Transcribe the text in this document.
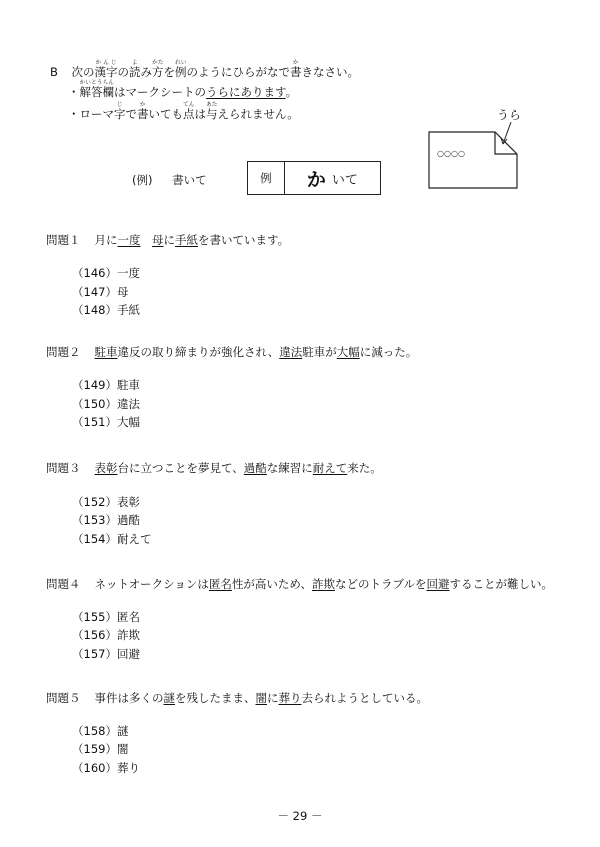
B 次の漢字かんじの読よみ方かたを例れいのようにひらがなで書かきなさい。
・解答欄かいとうらんはマークシートのうらにあります。
・ローマ字じで書かいても点てんは与あたえられません。
(例) 書いて	例	か いて
うら
○○○○
問題１ 月に一度　 母に手紙を書いています。
（146）一度
（147）母
（148）手紙
問題２ 駐車違反の取り締まりが強化され、違法駐車が大幅に減った。
（149）駐車
（150）違法
（151）大幅
問題３ 表彰台に立つことを夢見て、過酷な練習に耐えて来た。
（152）表彰
（153）過酷
（154）耐えて
問題４ ネットオークションは匿名性が高いため、詐欺などのトラブルを回避することが難しい。
（155）匿名
（156）詐欺
（157）回避
問題５ 事件は多くの謎を残したまま、闇に葬り去られようとしている。
（158）謎
（159）闇
（160）葬り
－ 29 －
